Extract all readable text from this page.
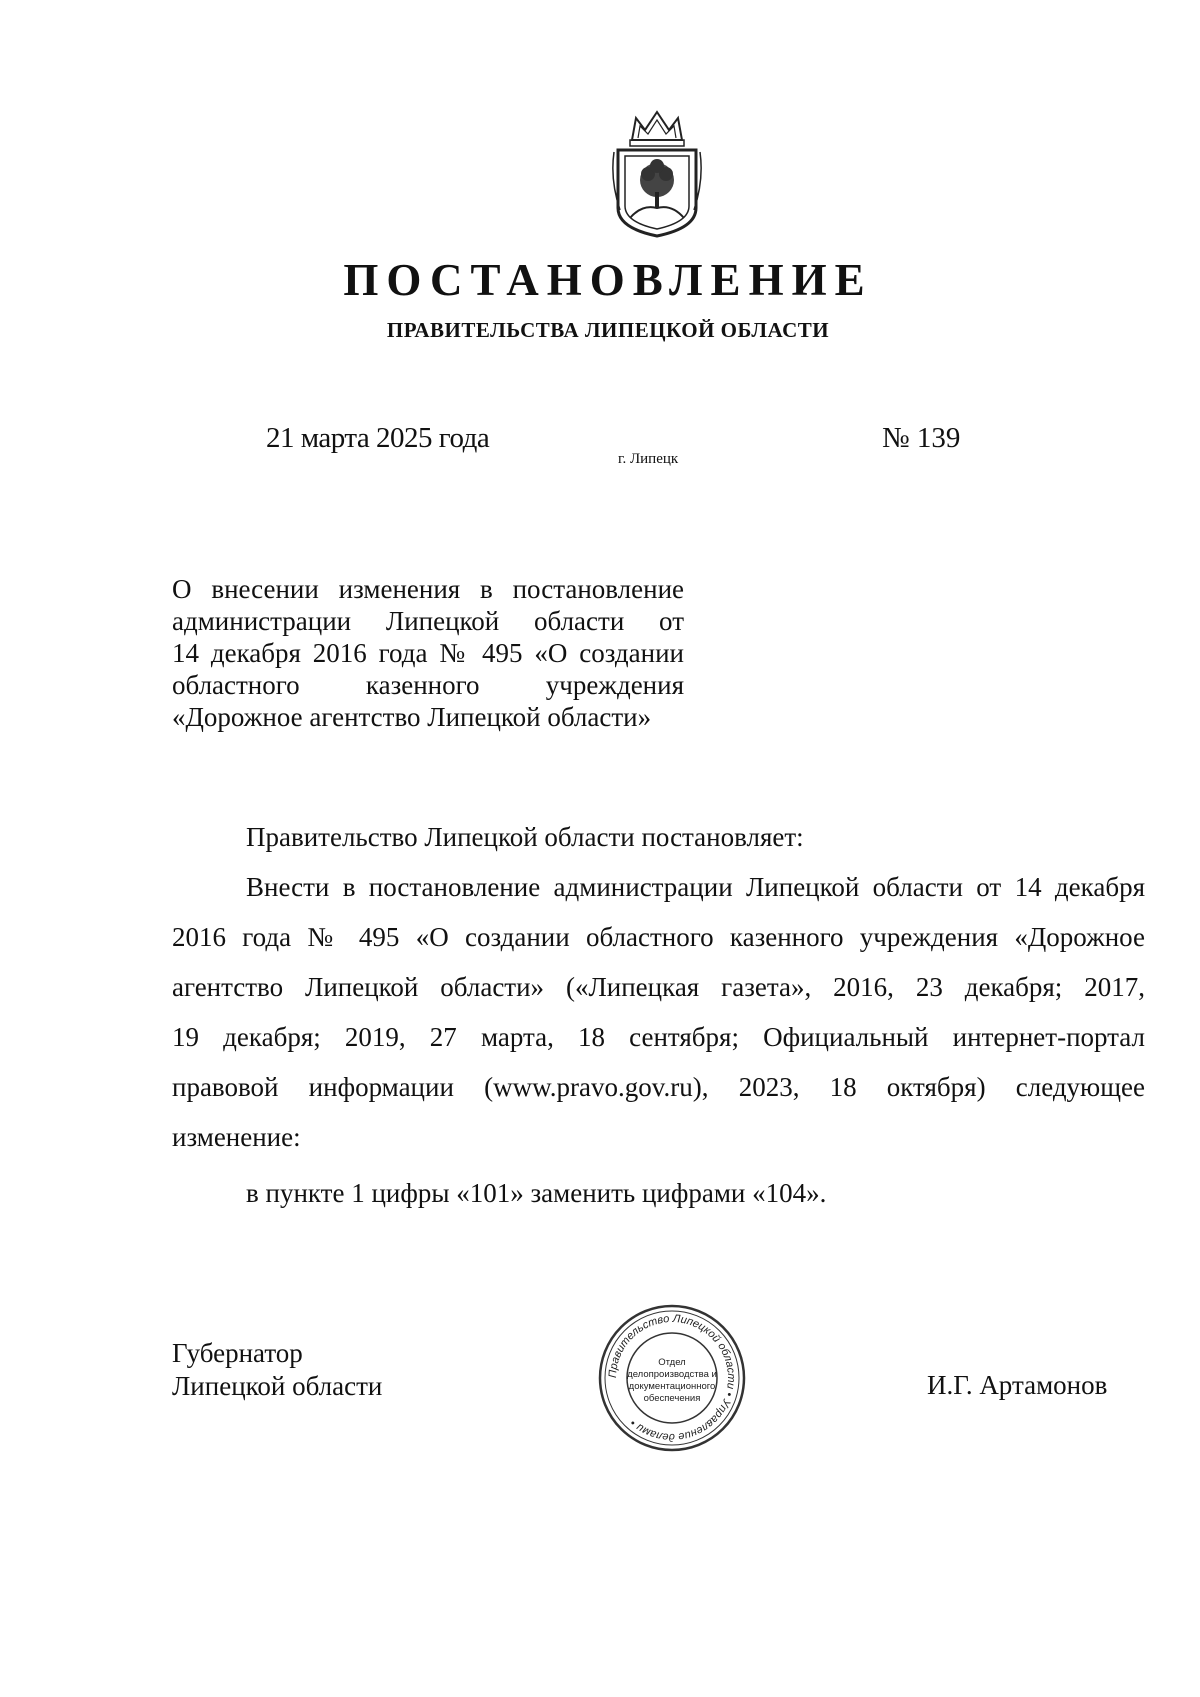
ПОСТАНОВЛЕНИЕ
ПРАВИТЕЛЬСТВА ЛИПЕЦКОЙ ОБЛАСТИ
21 марта 2025 года
г. Липецк
№ 139
О внесении изменения в постановление
администрации Липецкой области от
14 декабря 2016 года № 495 «О создании
областного казенного учреждения
«Дорожное агентство Липецкой области»

Правительство Липецкой области постановляет:

Внести в постановление администрации Липецкой области от 14 декабря
2016 года № 495 «О создании областного казенного учреждения «Дорожное
агентство Липецкой области» («Липецкая газета», 2016, 23 декабря; 2017,
19 декабря; 2019, 27 марта, 18 сентября; Официальный интернет-портал
правовой информации (www.pravo.gov.ru), 2023, 18 октября) следующее
изменение:

в пункте 1 цифры «101» заменить цифрами «104».

Губернатор
Липецкой области	И.Г. Артамонов
Правительство Липецкой области • Управление делами •
Отдел
делопроизводства и
документационного
обеспечения
